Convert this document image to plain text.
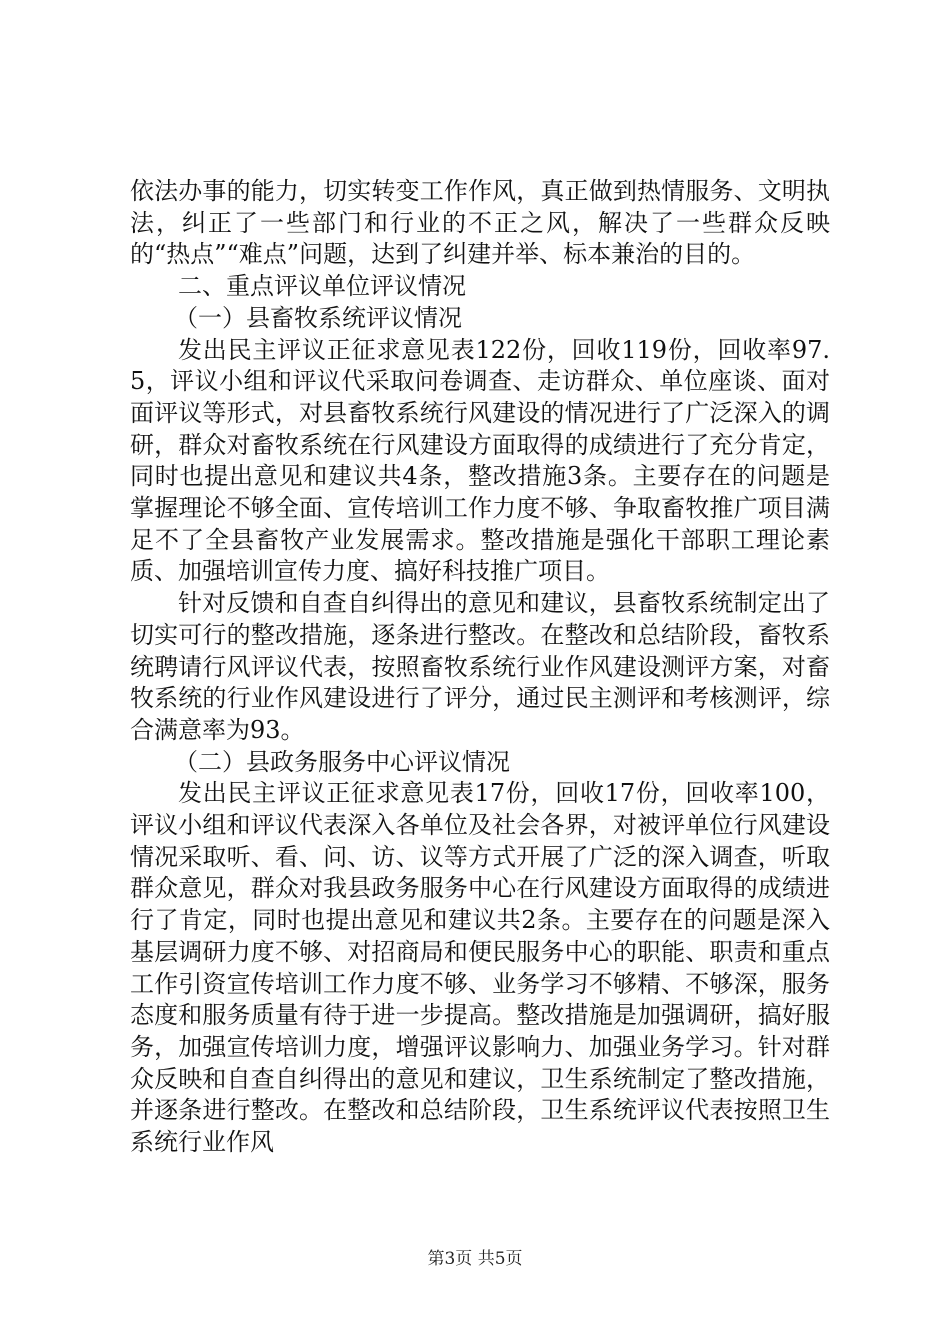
依法办事的能力，切实转变工作作风，真正做到热情服务、文明执法，纠正了一些部门和行业的不正之风，解决了一些群众反映的“热点”“难点”问题，达到了纠建并举、标本兼治的目的。

二、重点评议单位评议情况

（一）县畜牧系统评议情况

发出民主评议正征求意见表122份，回收119份，回收率97.5，评议小组和评议代采取问卷调查、走访群众、单位座谈、面对面评议等形式，对县畜牧系统行风建设的情况进行了广泛深入的调研，群众对畜牧系统在行风建设方面取得的成绩进行了充分肯定，同时也提出意见和建议共4条，整改措施3条。主要存在的问题是掌握理论不够全面、宣传培训工作力度不够、争取畜牧推广项目满足不了全县畜牧产业发展需求。整改措施是强化干部职工理论素质、加强培训宣传力度、搞好科技推广项目。

针对反馈和自查自纠得出的意见和建议，县畜牧系统制定出了切实可行的整改措施，逐条进行整改。在整改和总结阶段，畜牧系统聘请行风评议代表，按照畜牧系统行业作风建设测评方案，对畜牧系统的行业作风建设进行了评分，通过民主测评和考核测评，综合满意率为93。

（二）县政务服务中心评议情况

发出民主评议正征求意见表17份，回收17份，回收率100，评议小组和评议代表深入各单位及社会各界，对被评单位行风建设情况采取听、看、问、访、议等方式开展了广泛的深入调查，听取群众意见，群众对我县政务服务中心在行风建设方面取得的成绩进行了肯定，同时也提出意见和建议共2条。主要存在的问题是深入基层调研力度不够、对招商局和便民服务中心的职能、职责和重点工作引资宣传培训工作力度不够、业务学习不够精、不够深，服务态度和服务质量有待于进一步提高。整改措施是加强调研，搞好服务，加强宣传培训力度，增强评议影响力、加强业务学习。针对群众反映和自查自纠得出的意见和建议，卫生系统制定了整改措施，并逐条进行整改。在整改和总结阶段，卫生系统评议代表按照卫生系统行业作风

第3页 共5页
